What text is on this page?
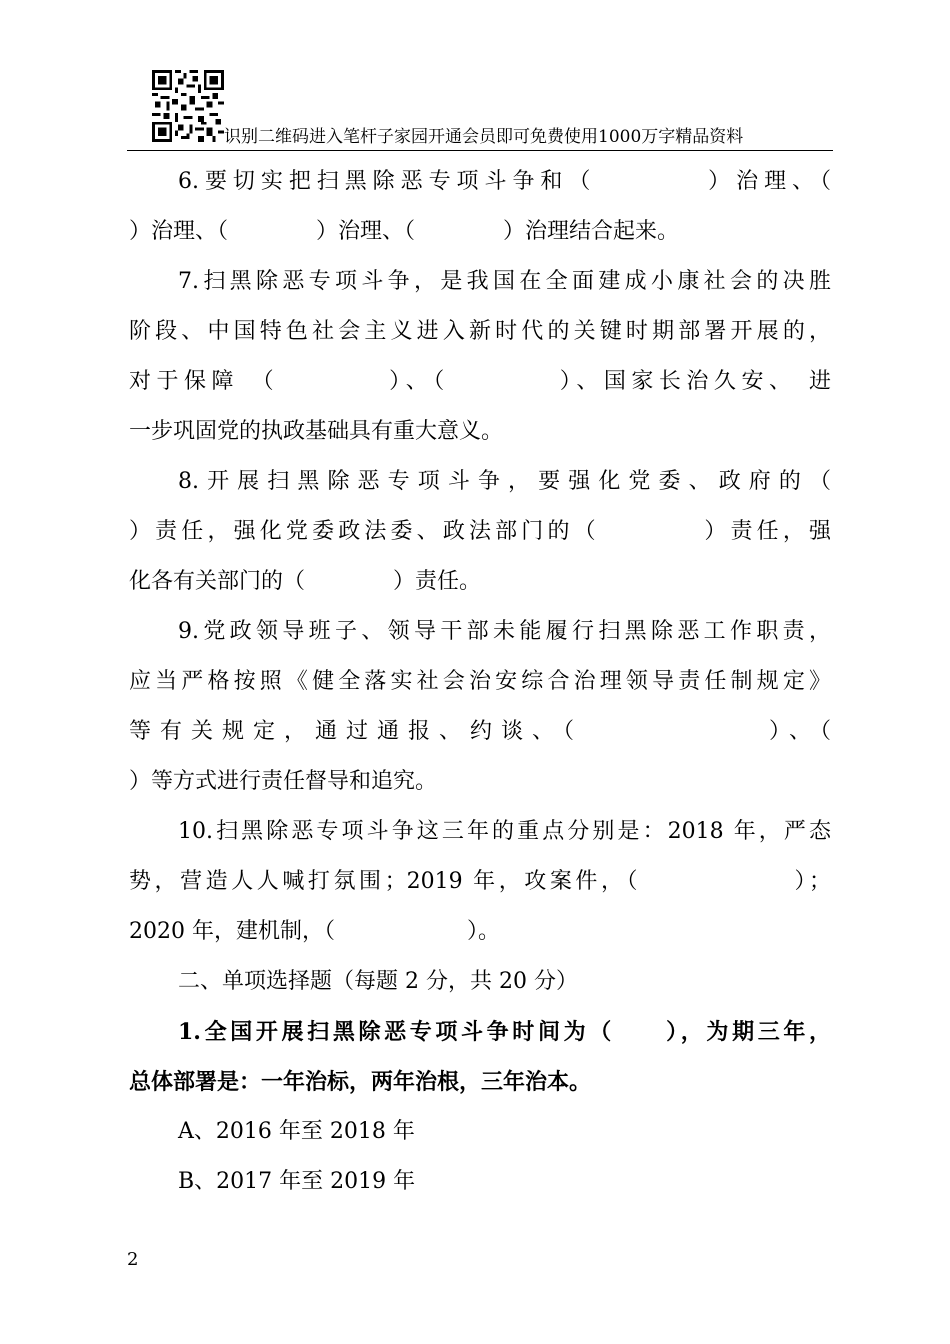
识别二维码进入笔杆子家园开通会员即可免费使用1000万字精品资料

6.要切实把扫黑除恶专项斗争和（　　　　）治理、（

）治理、（　　　　）治理、（　　　　）治理结合起来。

7.扫黑除恶专项斗争，是我国在全面建成小康社会的决胜

阶段、中国特色社会主义进入新时代的关键时期部署开展的，

对于保障 （　　　　）、（　　　　）、国家长治久安、 进

一步巩固党的执政基础具有重大意义。

8.开展扫黑除恶专项斗争，要强化党委、政府的（

）责任，强化党委政法委、政法部门的（　　　　）责任，强

化各有关部门的（　　　　）责任。

9.党政领导班子、领导干部未能履行扫黑除恶工作职责，

应当严格按照《健全落实社会治安综合治理领导责任制规定》

等有关规定，通过通报、约谈、（　　　　　　）、（

）等方式进行责任督导和追究。

10.扫黑除恶专项斗争这三年的重点分别是：2018 年，严态

势，营造人人喊打氛围；2019 年，攻案件，（　　　　　　）；

2020 年，建机制，（　　　　　　）。

二、单项选择题（每题 2 分，共 20 分）

1.全国开展扫黑除恶专项斗争时间为（　　），为期三年，

总体部署是：一年治标，两年治根，三年治本。

A、2016 年至 2018 年

B、2017 年至 2019 年

2
